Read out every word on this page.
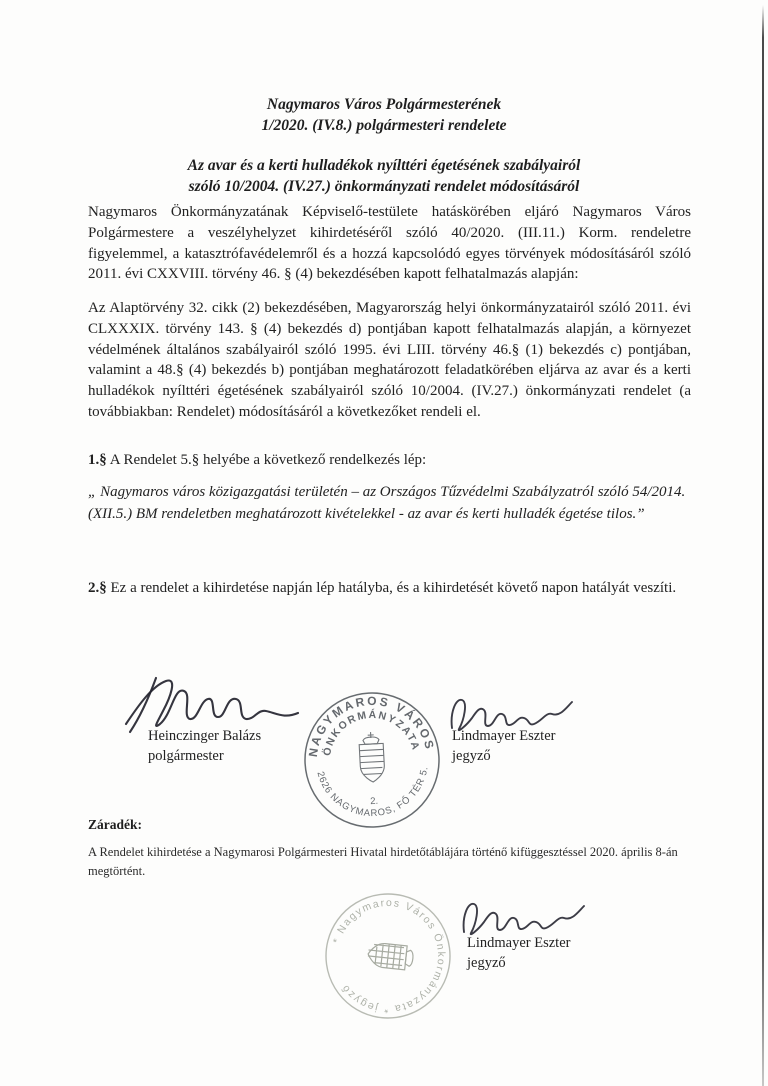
Nagymaros Város Polgármesterének
1/2020. (IV.8.) polgármesteri rendelete
Az avar és a kerti hulladékok nyílttéri égetésének szabályairól
szóló 10/2004. (IV.27.) önkormányzati rendelet módosításáról

Nagymaros Önkormányzatának Képviselő-testülete hatáskörében eljáró Nagymaros Város Polgármestere a veszélyhelyzet kihirdetéséről szóló 40/2020. (III.11.) Korm. rendeletre figyelemmel, a katasztrófavédelemről és a hozzá kapcsolódó egyes törvények módosításáról szóló 2011. évi CXXVIII. törvény 46. § (4) bekezdésében kapott felhatalmazás alapján:

Az Alaptörvény 32. cikk (2) bekezdésében, Magyarország helyi önkormányzatairól szóló 2011. évi CLXXXIX. törvény 143. § (4) bekezdés d) pontjában kapott felhatalmazás alapján, a környezet védelmének általános szabályairól szóló 1995. évi LIII. törvény 46.§ (1) bekezdés c) pontjában, valamint a 48.§ (4) bekezdés b) pontjában meghatározott feladatkörében eljárva az avar és a kerti hulladékok nyílttéri égetésének szabályairól szóló 10/2004. (IV.27.) önkormányzati rendelet (a továbbiakban: Rendelet) módosításáról a következőket rendeli el.

1.§ A Rendelet 5.§ helyébe a következő rendelkezés lép:

„ Nagymaros város közigazgatási területén – az Országos Tűzvédelmi Szabályzatról szóló 54/2014. (XII.5.) BM rendeletben meghatározott kivételekkel - az avar és kerti hulladék égetése tilos.”

2.§ Ez a rendelet a kihirdetése napján lép hatályba, és a kihirdetését követő napon hatályát veszíti.

Heinczinger Balázs
polgármester	NAGYMAROS VÁROS
ÖNKORMÁNYZATA
2626 NAGYMAROS, FŐ TÉR 5.
2.
Lindmayer Eszter
jegyző
Záradék:

A Rendelet kihirdetése a Nagymarosi Polgármesteri Hivatal hirdetőtáblájára történő kifüggesztéssel 2020. április 8-án megtörtént.

* Nagymaros Város Önkormányzata * jegyző
Lindmayer Eszter
jegyző
